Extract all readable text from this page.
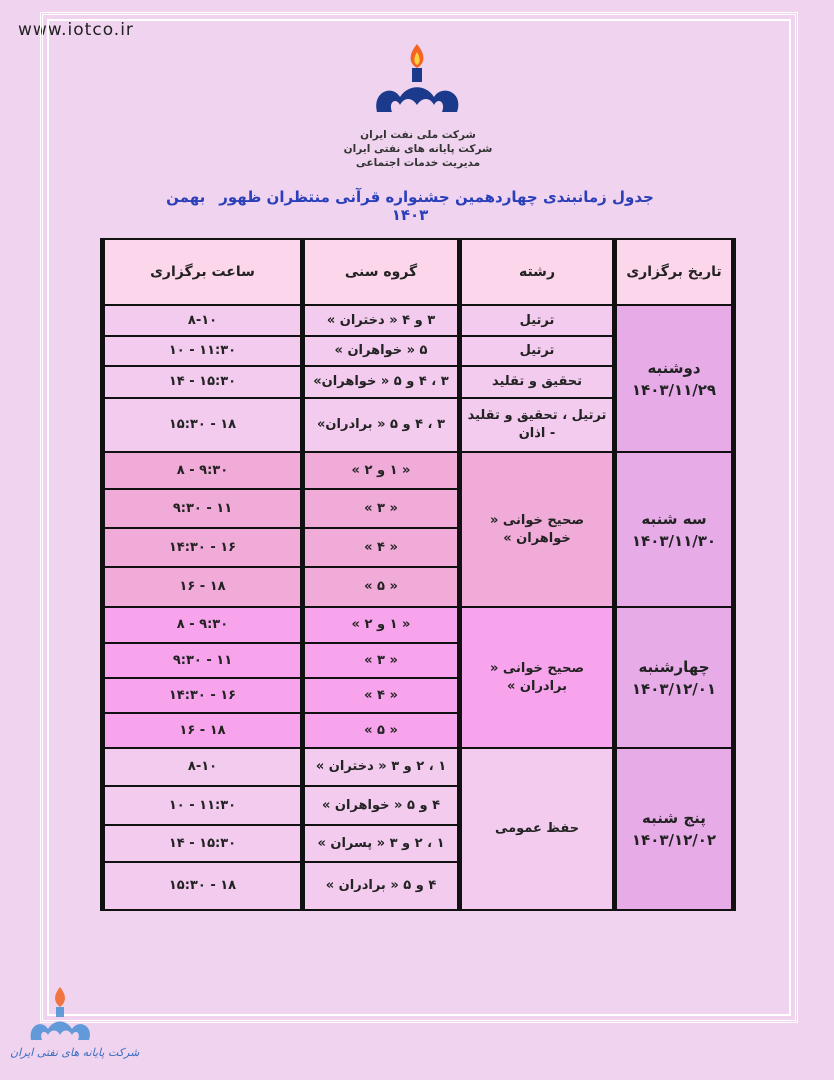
www.iotco.ir
شرکت ملی نفت ایران
شرکت پایانه های نفتی ایران
مدیریت خدمات اجتماعی
جدول زمانبندی چهاردهمین جشنواره قرآنی منتظران ظهوربهمن ۱۴۰۳
تاریخ برگزاری	رشته	گروه سنی	ساعت برگزاری

دوشنبه
۱۴۰۳/۱۱/۲۹	ترتیل	۳ و ۴ « دختران »	۸-۱۰
	ترتیل	۵ « خواهران »	۱۰ - ۱۱:۳۰
	تحقیق و تقلید	۳ ، ۴ و ۵ « خواهران»	۱۴ - ۱۵:۳۰
	ترتیل ، تحقیق و تقلید - اذان	۳ ، ۴ و ۵ « برادران»	۱۵:۳۰ - ۱۸

سه شنبه
۱۴۰۳/۱۱/۳۰	صحیح خوانی « خواهران »	« ۱ و ۲ »	۸ - ۹:۳۰
		« ۳ »	۹:۳۰ - ۱۱
		« ۴ »	۱۴:۳۰ - ۱۶
		« ۵ »	۱۶ - ۱۸

چهارشنبه
۱۴۰۳/۱۲/۰۱	صحیح خوانی « برادران »	« ۱ و ۲ »	۸ - ۹:۳۰
		« ۳ »	۹:۳۰ - ۱۱
		« ۴ »	۱۴:۳۰ - ۱۶
		« ۵ »	۱۶ - ۱۸

پنج شنبه
۱۴۰۳/۱۲/۰۲	حفظ عمومی	۱ ، ۲ و ۳ « دختران »	۸-۱۰
		۴ و ۵ « خواهران »	۱۰ - ۱۱:۳۰
		۱ ، ۲ و ۳ « پسران »	۱۴ - ۱۵:۳۰
		۴ و ۵ « برادران »	۱۵:۳۰ - ۱۸
شرکت پایانه های نفتی ایران
